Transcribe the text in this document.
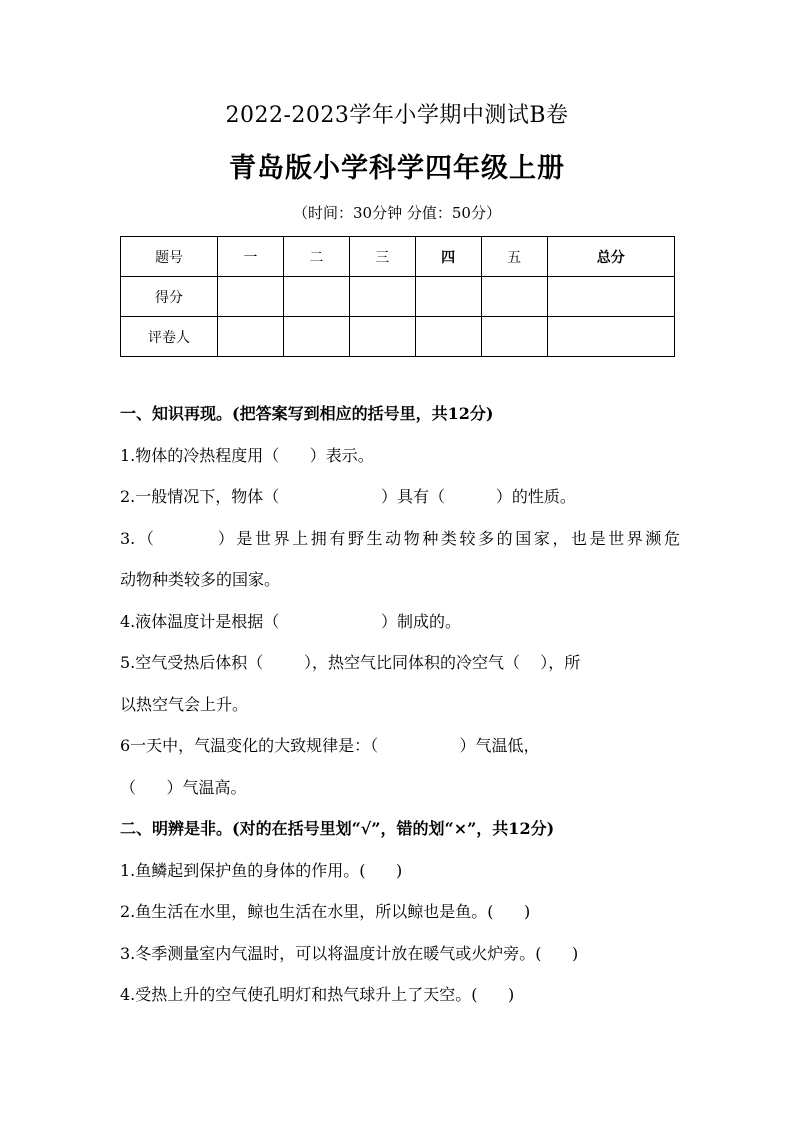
2022-2023学年小学期中测试B卷
青岛版小学科学四年级上册
（时间：30分钟 分值：50分）
题号	一	二	三	四	五	总分
得分						
评卷人						
一、知识再现。(把答案写到相应的括号里，共12分)
1.物体的冷热程度用（      ）表示。
2.一般情况下，物体（                    ）具有（          ）的性质。
3.（        ）是世界上拥有野生动物种类较多的国家，也是世界濒危
动物种类较多的国家。
4.液体温度计是根据（                    ）制成的。
5.空气受热后体积（        ），热空气比同体积的冷空气（    ），所
以热空气会上升。
6一天中，气温变化的大致规律是：（                ）气温低，
（      ）气温高。
二、明辨是非。(对的在括号里划“√”，错的划“×”，共12分)
1.鱼鳞起到保护鱼的身体的作用。(      )
2.鱼生活在水里，鲸也生活在水里，所以鲸也是鱼。(      )
3.冬季测量室内气温时，可以将温度计放在暖气或火炉旁。(      )
4.受热上升的空气使孔明灯和热气球升上了天空。(      )
